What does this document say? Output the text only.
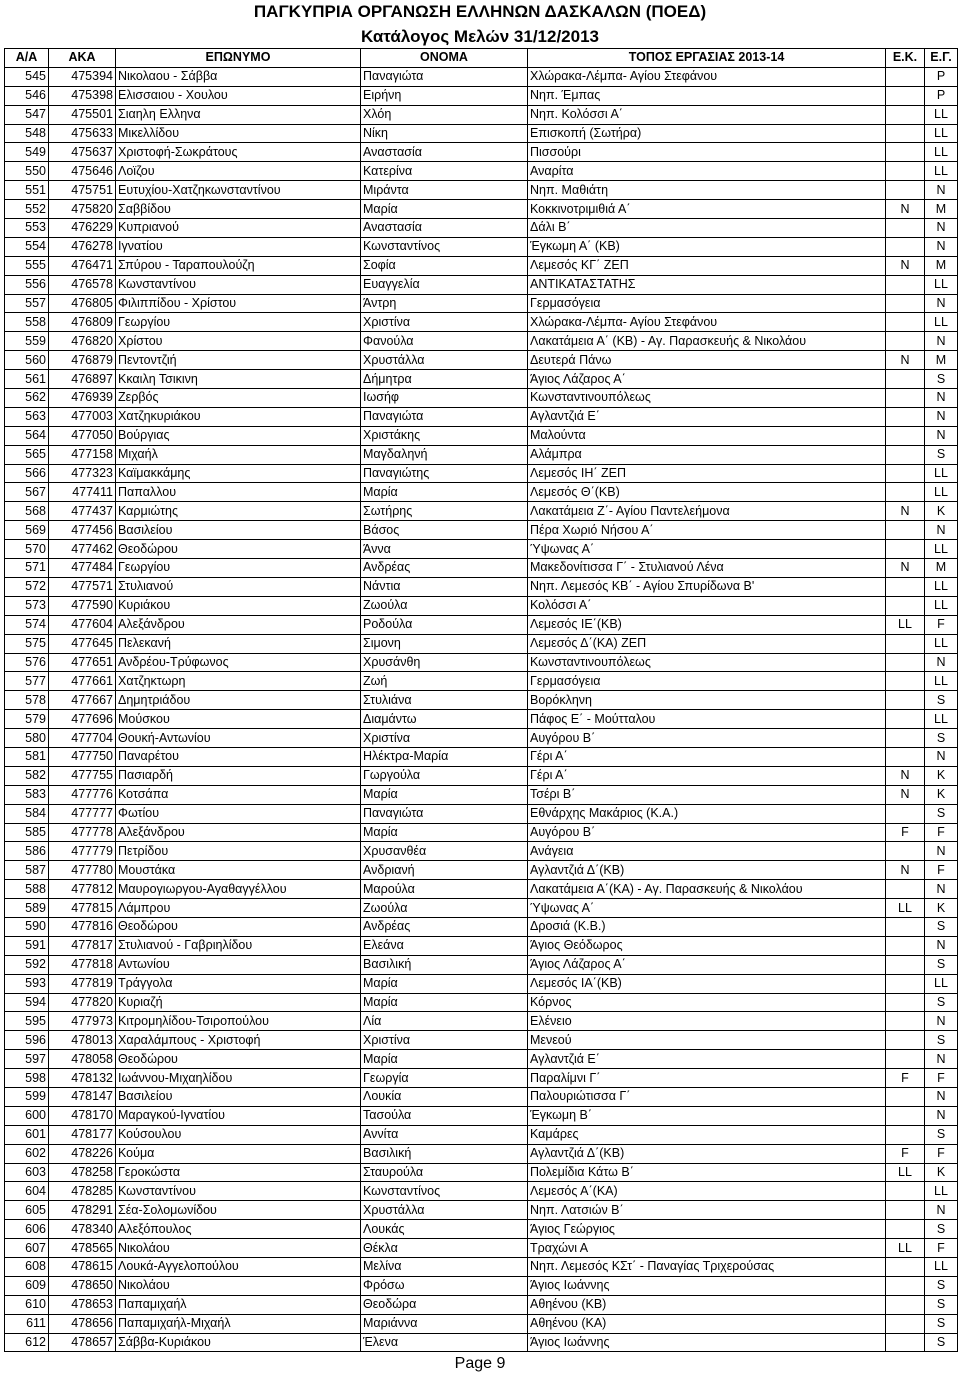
ΠΑΓΚΥΠΡΙΑ ΟΡΓΑΝΩΣΗ ΕΛΛΗΝΩΝ ΔΑΣΚΑΛΩΝ (ΠΟΕΔ)
Κατάλογος Μελών 31/12/2013
Α/Α	ΑΚΑ	ΕΠΩΝΥΜΟ	ΟΝΟΜΑ	ΤΟΠΟΣ ΕΡΓΑΣΙΑΣ 2013-14	Ε.Κ.	Ε.Γ.
545	475394	Νικολαου - Σάββα	Παναγιώτα	Χλώρακα-Λέμπα- Αγίου Στεφάνου		P
546	475398	Ελισσαιου - Χουλου	Ειρήνη	Νηπ. Έμπας		P
547	475501	Σιαηλη Ελληνα	Χλόη	Νηπ. Κολόσσι Α΄		LL
548	475633	Μικελλίδου	Νίκη	Επισκοπή (Σωτήρα)		LL
549	475637	Χριστοφή-Σωκράτους	Αναστασία	Πισσούρι		LL
550	475646	Λοϊζου	Κατερίνα	Αναρίτα		LL
551	475751	Ευτυχίου-Χατζηκωνσταντίνου	Μιράντα	Νηπ. Μαθιάτη		N
552	475820	Σαββίδου	Μαρία	Κοκκινοτριμιθιά Α΄	N	M
553	476229	Κυπριανού	Αναστασία	Δάλι Β΄		N
554	476278	Ιγνατίου	Κωνσταντίνος	Έγκωμη Α΄ (ΚΒ)		N
555	476471	Σπύρου - Ταραπουλούζη	Σοφία	Λεμεσός ΚΓ΄ ΖΕΠ	N	M
556	476578	Κωνσταντίνου	Ευαγγελία	ΑΝΤΙΚΑΤΑΣΤΑΤΗΣ		LL
557	476805	Φιλιππίδου - Χρίστου	Άντρη	Γερμασόγεια		N
558	476809	Γεωργίου	Χριστίνα	Χλώρακα-Λέμπα- Αγίου Στεφάνου		LL
559	476820	Χρίστου	Φανούλα	Λακατάμεια Α΄ (ΚΒ) - Αγ. Παρασκευής & Νικολάου		N
560	476879	Πεντοντζιή	Χρυστάλλα	Δευτερά Πάνω	N	M
561	476897	Κκαιλη Τσικινη	Δήμητρα	Άγιος Λάζαρος Α΄		S
562	476939	Ζερβός	Ιωσήφ	Κωνσταντινουπόλεως		N
563	477003	Χατζηκυριάκου	Παναγιώτα	Αγλαντζιά Ε΄		N
564	477050	Βούργιας	Χριστάκης	Μαλούντα		N
565	477158	Μιχαήλ	Μαγδαληνή	Αλάμπρα		S
566	477323	Καϊμακκάμης	Παναγιώτης	Λεμεσός ΙΗ΄ ΖΕΠ		LL
567	477411	Παπαλλου	Μαρία	Λεμεσός Θ΄(ΚΒ)		LL
568	477437	Καρμιώτης	Σωτήρης	Λακατάμεια Ζ΄- Αγίου Παντελεήμονα	N	K
569	477456	Βασιλείου	Βάσος	Πέρα Χωριό Νήσου Α΄		N
570	477462	Θεοδώρου	Άννα	Ύψωνας Α΄		LL
571	477484	Γεωργίου	Ανδρέας	Μακεδονίτισσα Γ΄ - Στυλιανού Λένα	N	M
572	477571	Στυλιανού	Νάντια	Νηπ. Λεμεσός ΚΒ΄ - Αγίου Σπυρίδωνα Β'		LL
573	477590	Κυριάκου	Ζωούλα	Κολόσσι Α΄		LL
574	477604	Αλεξάνδρου	Ροδούλα	Λεμεσός ΙΕ΄(ΚΒ)	LL	F
575	477645	Πελεκανή	Σιμονη	Λεμεσός Δ΄(ΚΑ) ΖΕΠ		LL
576	477651	Ανδρέου-Τρύφωνος	Χρυσάνθη	Κωνσταντινουπόλεως		N
577	477661	Χατζηκτωρη	Ζωή	Γερμασόγεια		LL
578	477667	Δημητριάδου	Στυλιάνα	Βορόκληνη		S
579	477696	Μούσκου	Διαμάντω	Πάφος Ε΄ - Μούτταλου		LL
580	477704	Θουκή-Αντωνίου	Χριστίνα	Αυγόρου Β΄		S
581	477750	Παναρέτου	Ηλέκτρα-Μαρία	Γέρι Α΄		N
582	477755	Πασιαρδή	Γωργούλα	Γέρι Α΄	N	K
583	477776	Κοτσάπα	Μαρία	Τσέρι Β΄	N	K
584	477777	Φωτίου	Παναγιώτα	Εθνάρχης Μακάριος (Κ.Α.)		S
585	477778	Αλεξάνδρου	Μαρία	Αυγόρου Β΄	F	F
586	477779	Πετρίδου	Χρυσανθέα	Ανάγεια		N
587	477780	Μουστάκα	Ανδριανή	Αγλαντζιά Δ΄(ΚΒ)	N	F
588	477812	Μαυρογιωργου-Αγαθαγγέλλου	Μαρούλα	Λακατάμεια Α΄(ΚΑ) - Αγ. Παρασκευής & Νικολάου		N
589	477815	Λάμπρου	Ζωούλα	Ύψωνας Α΄	LL	K
590	477816	Θεοδώρου	Ανδρέας	Δροσιά (Κ.Β.)		S
591	477817	Στυλιανού - Γαβριηλίδου	Ελεάνα	Άγιος Θεόδωρος		N
592	477818	Αντωνίου	Βασιλική	Άγιος Λάζαρος Α΄		S
593	477819	Τράγγολα	Μαρία	Λεμεσός ΙΑ΄(ΚΒ)		LL
594	477820	Κυριαζή	Μαρία	Κόρνος		S
595	477973	Κιτρομηλίδου-Τσιροπούλου	Λία	Ελένειο		N
596	478013	Χαραλάμπους - Χριστοφή	Χριστίνα	Μενεού		S
597	478058	Θεοδώρου	Μαρία	Αγλαντζιά Ε΄		N
598	478132	Ιωάννου-Μιχαηλίδου	Γεωργία	Παραλίμνι Γ΄	F	F
599	478147	Βασιλείου	Λουκία	Παλουριώτισσα Γ΄		N
600	478170	Μαραγκού-Ιγνατίου	Τασούλα	Έγκωμη Β΄		N
601	478177	Κούσουλου	Αννίτα	Καμάρες		S
602	478226	Κούμα	Βασιλική	Αγλαντζιά Δ΄(ΚΒ)	F	F
603	478258	Γεροκώστα	Σταυρούλα	Πολεμίδια Κάτω Β΄	LL	K
604	478285	Κωνσταντίνου	Κωνσταντίνος	Λεμεσός Α΄(ΚΑ)		LL
605	478291	Σέα-Σολομωνίδου	Χρυστάλλα	Νηπ. Λατσιών Β΄		N
606	478340	Αλεξόπουλος	Λουκάς	Άγιος Γεώργιος		S
607	478565	Νικολάου	Θέκλα	Τραχώνι Α	LL	F
608	478615	Λουκά-Αγγελοπούλου	Μελίνα	Νηπ. Λεμεσός ΚΣτ΄ - Παναγίας Τριχερούσας		LL
609	478650	Νικολάου	Φρόσω	Άγιος Ιωάννης		S
610	478653	Παπαμιχαήλ	Θεοδώρα	Αθηένου (ΚΒ)		S
611	478656	Παπαμιχαήλ-Μιχαήλ	Μαριάννα	Αθηένου (ΚΑ)		S
612	478657	Σάββα-Κυριάκου	Έλενα	Άγιος Ιωάννης		S
Page 9
